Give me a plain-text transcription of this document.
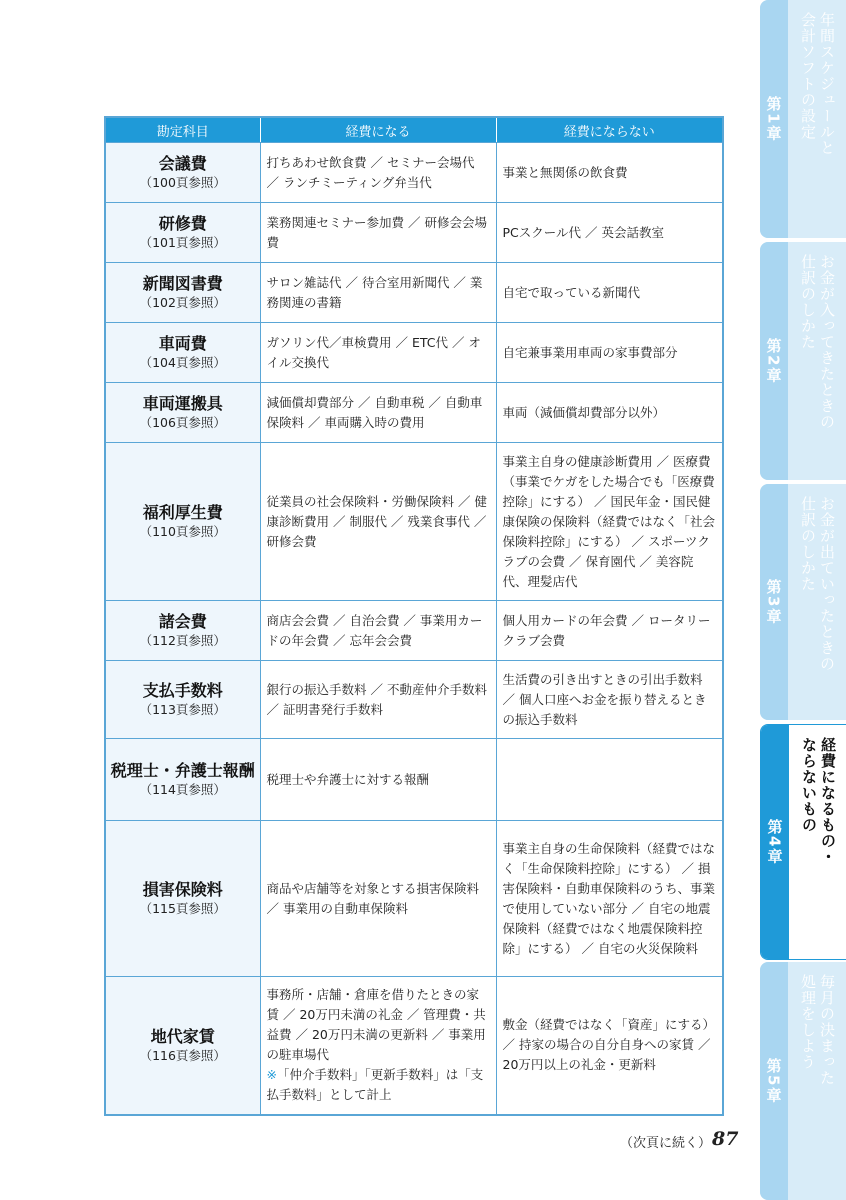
勘定科目	経費になる	経費にならない

会議費
（100頁参照）	打ちあわせ飲食費 ／ セミナー会場代 ／ ランチミーティング弁当代	事業と無関係の飲食費

研修費
（101頁参照）	業務関連セミナー参加費 ／ 研修会会場費	PCスクール代 ／ 英会話教室

新聞図書費
（102頁参照）	サロン雑誌代 ／ 待合室用新聞代 ／ 業務関連の書籍	自宅で取っている新聞代

車両費
（104頁参照）	ガソリン代／車検費用 ／ ETC代 ／ オイル交換代	自宅兼事業用車両の家事費部分

車両運搬具
（106頁参照）	減価償却費部分 ／ 自動車税 ／ 自動車保険料 ／ 車両購入時の費用	車両（減価償却費部分以外）

福利厚生費
（110頁参照）	従業員の社会保険料・労働保険料 ／ 健康診断費用 ／ 制服代 ／ 残業食事代 ／ 研修会費	事業主自身の健康診断費用 ／ 医療費（事業でケガをした場合でも「医療費控除」にする） ／ 国民年金・国民健康保険の保険料（経費ではなく「社会保険料控除」にする） ／ スポーツクラブの会費 ／ 保育園代 ／ 美容院代、理髪店代

諸会費
（112頁参照）	商店会会費 ／ 自治会費 ／ 事業用カードの年会費 ／ 忘年会会費	個人用カードの年会費 ／ ロータリークラブ会費

支払手数料
（113頁参照）	銀行の振込手数料 ／ 不動産仲介手数料 ／ 証明書発行手数料	生活費の引き出すときの引出手数料 ／ 個人口座へお金を振り替えるときの振込手数料

税理士・弁護士報酬
（114頁参照）	税理士や弁護士に対する報酬	

損害保険料
（115頁参照）	商品や店舗等を対象とする損害保険料 ／ 事業用の自動車保険料	事業主自身の生命保険料（経費ではなく「生命保険料控除」にする） ／ 損害保険料・自動車保険料のうち、事業で使用していない部分 ／ 自宅の地震保険料（経費ではなく地震保険料控除」にする） ／ 自宅の火災保険料

地代家賃
（116頁参照）	事務所・店舗・倉庫を借りたときの家賃 ／ 20万円未満の礼金 ／ 管理費・共益費 ／ 20万円未満の更新料 ／ 事業用の駐車場代
※「仲介手数料」「更新手数料」は「支払手数料」として計上	敷金（経費ではなく「資産」にする） ／ 持家の場合の自分自身への家賃 ／ 20万円以上の礼金・更新料
第1章	年間スケジュールと
会計ソフトの設定
第2章	お金が入ってきたときの
仕訳のしかた
第3章	お金が出ていったときの
仕訳のしかた
第4章	経費になるもの・
ならないもの
第5章	毎月の決まった
処理をしよう
（次頁に続く） 87
